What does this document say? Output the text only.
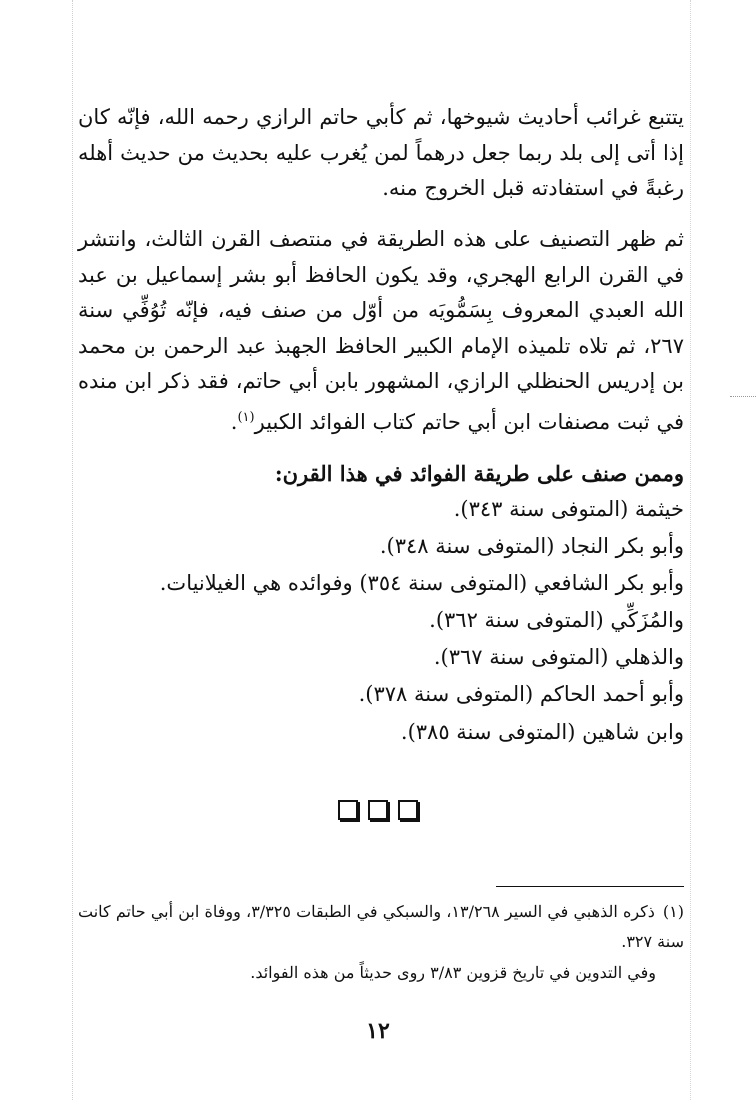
يتتبع غرائب أحاديث شيوخها، ثم كأبي حاتم الرازي رحمه الله، فإنّه كان إذا أتى إلى بلد ربما جعل درهماً لمن يُغرب عليه بحديث من حديث أهله رغبةً في استفادته قبل الخروج منه.

ثم ظهر التصنيف على هذه الطريقة في منتصف القرن الثالث، وانتشر في القرن الرابع الهجري، وقد يكون الحافظ أبو بشر إسماعيل بن عبد الله العبدي المعروف بِسَمُّويَه من أوّل من صنف فيه، فإنّه تُوُفِّي سنة ٢٦٧، ثم تلاه تلميذه الإمام الكبير الحافظ الجهبذ عبد الرحمن بن محمد بن إدريس الحنظلي الرازي، المشهور بابن أبي حاتم، فقد ذكر ابن منده في ثبت مصنفات ابن أبي حاتم كتاب الفوائد الكبير$^{(١)}$.

وممن صنف على طريقة الفوائد في هذا القرن:
خيثمة (المتوفى سنة ٣٤٣).
وأبو بكر النجاد (المتوفى سنة ٣٤٨).
وأبو بكر الشافعي (المتوفى سنة ٣٥٤) وفوائده هي الغيلانيات.
والمُزَكِّي (المتوفى سنة ٣٦٢).
والذهلي (المتوفى سنة ٣٦٧).
وأبو أحمد الحاكم (المتوفى سنة ٣٧٨).
وابن شاهين (المتوفى سنة ٣٨٥).
(١)ذكره الذهبي في السير ١٣/٢٦٨، والسبكي في الطبقات ٣/٣٢٥، ووفاة ابن أبي حاتم كانت سنة ٣٢٧.
وفي التدوين في تاريخ قزوين ٣/٨٣ روى حديثاً من هذه الفوائد.
١٢
